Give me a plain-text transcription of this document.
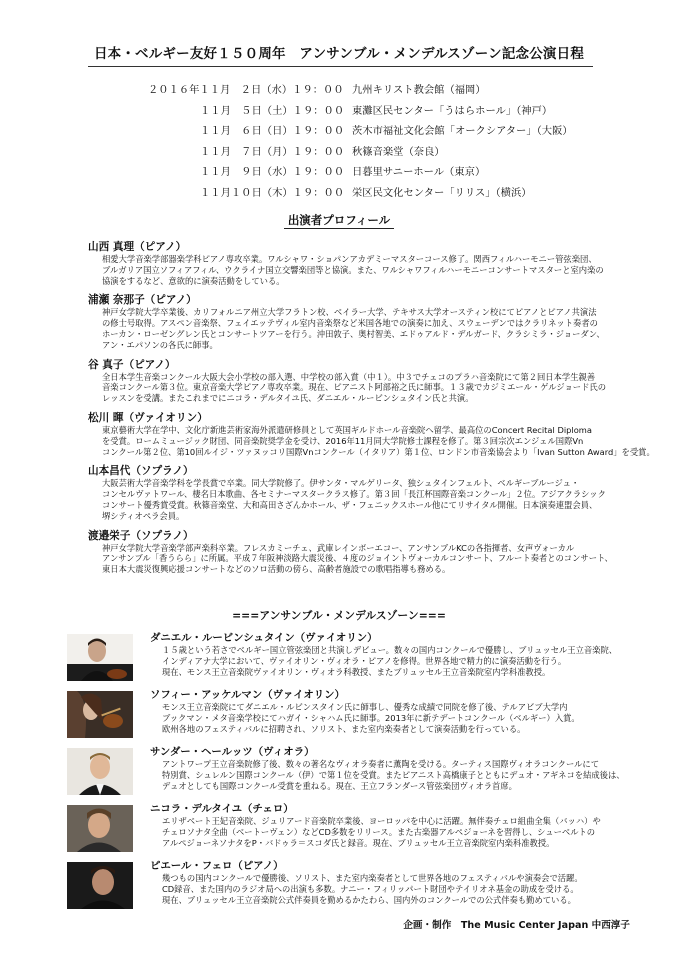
日本・ベルギー友好１５０周年　アンサンブル・メンデルスゾーン記念公演日程
２０１６年１１月　２日（水）１９：００ 九州キリスト教会館（福岡）
１１月　５日（土）１９：００ 東灘区民センター「うはらホール」（神戸）
１１月　６日（日）１９：００ 茨木市福祉文化会館「オークシアター」（大阪）
１１月　７日（月）１９：００ 秋篠音楽堂（奈良）
１１月　９日（水）１９：００ 日暮里サニーホール（東京）
１１月１０日（木）１９：００ 栄区民文化センター「リリス」（横浜）
出演者プロフィール
山西 真理（ピアノ）
相愛大学音楽学部器楽学科ピアノ専攻卒業。ワルシャワ・ショパンアカデミーマスターコース修了。関西フィルハーモニー管弦楽団、
ブルガリア国立ソフィアフィル、ウクライナ国立交響楽団等と協演。また、ワルシャワフィルハーモニーコンサートマスターと室内楽の
協演をするなど、意欲的に演奏活動をしている。
浦瀬 奈那子（ピアノ）
神戸女学院大学卒業後、カリフォルニア州立大学フラトン校、ベイラー大学、テキサス大学オースティン校にてピアノとピアノ共演法
の修士号取得。アスペン音楽祭、フェイエッテヴィル室内音楽祭など米国各地での演奏に加え、スウェーデンではクラリネット奏者の
ホーカン・ローゼングレン氏とコンサートツアーを行う。沖田敦子、奥村智美、エドゥアルド・デルガード、クラシミラ・ジョーダン、
アン・エパソンの各氏に師事。
谷 真子（ピアノ）
全日本学生音楽コンクール大阪大会小学校の部入選、中学校の部入賞（中１）。中３でチェコのプラハ音楽院にて第２回日本学生親善
音楽コンクール第３位。東京音楽大学ピアノ専攻卒業。現在、ピアニスト阿部裕之氏に師事。１３歳でカジミエール・ゲルジョード氏の
レッスンを受講。またこれまでにニコラ・デルタイユ氏、ダニエル・ルービンシュタイン氏と共演。
松川 暉（ヴァイオリン）
東京藝術大学在学中、文化庁新進芸術家海外派遣研修員として英国ギルドホール音楽院へ留学、最高位のConcert Recital Diploma
を受賞。ロームミュージック財団、同音楽院奨学金を受け、2016年11月同大学院修士課程を修了。第３回宗次エンジェル国際Vn
コンクール第２位、第10回ルイジ・ツァヌッコリ国際Vnコンクール（イタリア）第１位、ロンドン市音楽協会より「Ivan Sutton Award」を受賞。
山本昌代（ソプラノ）
大阪芸術大学音楽学科を学長賞で卒業。同大学院修了。伊サンタ・マルゲリータ、独シュタインフェルト、ベルギーブルージュ・
コンセルヴァトワール、棲名日本歌曲、各セミナーマスタークラス修了。第３回「長江杯国際音楽コンクール」２位。アジアクラシック
コンサート優秀賞受賞。秋篠音楽堂、大和高田さざんかホール、ザ・フェニックスホール他にてリサイタル開催。日本演奏連盟会員、
堺シティオペラ会員。
渡邉栄子（ソプラノ）
神戸女学院大学音楽学部声楽科卒業。フレスカミーチェ、武庫レインボーエコー、アンサンブルKCの各指揮者、女声ヴォーカル
アンサンブル「香うらら」に所属。平成７年阪神淡路大震災後、４度のジョイントヴォーカルコンサート、フルート奏者とのコンサート、
東日本大震災復興応援コンサートなどのソロ活動の傍ら、高齢者施設での歌唱指導も務める。
===アンサンブル・メンデルスゾーン===
ダニエル・ルービンシュタイン（ヴァイオリン）
１５歳という若さでベルギー国立管弦楽団と共演しデビュー。数々の国内コンクールで優勝し、ブリュッセル王立音楽院、
インディアナ大学において、ヴァイオリン・ヴィオラ・ピアノを修得。世界各地で精力的に演奏活動を行う。
現在、モンス王立音楽院ヴァイオリン・ヴィオラ科教授、またブリュッセル王立音楽院室内学科准教授。
ソフィー・アッケルマン（ヴァイオリン）
モンス王立音楽院にてダニエル・ルビンスタイン氏に師事し、優秀な成績で同院を修了後、テルアビブ大学内
ブックマン・メタ音楽学校にてハガイ・シャハム氏に師事。2013年に新テデートコンクール（ベルギー）入賞。
欧州各地のフェスティバルに招聘され、ソリスト、また室内楽奏者として演奏活動を行っている。
サンダー・ヘールッツ（ヴィオラ）
アントワープ王立音楽院修了後、数々の著名なヴィオラ奏者に薫陶を受ける。ターティス国際ヴィオラコンクールにて
特別賞、シュレルン国際コンクール（伊）で第１位を受賞。またピアニスト高橋康子とともにデュオ・アギネコを結成後は、
デュオとしても国際コンクール受賞を重ねる。現在、王立フランダース管弦楽団ヴィオラ首席。
ニコラ・デルタイユ（チェロ）
エリザベート王妃音楽院、ジュリアード音楽院卒業後、ヨーロッパを中心に活躍。無伴奏チェロ組曲全集（バッハ）や
チェロソナタ全曲（ベートーヴェン）などCD多数をリリース。また古楽器アルペジョーネを習得し、シューベルトの
アルペジョーネソナタをP・バドゥラ＝スコダ氏と録音。現在、ブリュッセル王立音楽院室内楽科准教授。
ピエール・フェロ（ピアノ）
幾つもの国内コンクールで優勝後、ソリスト、また室内楽奏者として世界各地のフェスティバルや演奏会で活躍。
CD録音、また国内のラジオ局への出演も多数。ナニー・フィリッパート財団やテイリオネ基金の助成を受ける。
現在、ブリュッセル王立音楽院公式伴奏員を勤めるかたわら、国内外のコンクールでの公式伴奏も勤めている。
企画・制作　The Music Center Japan 中西淳子
